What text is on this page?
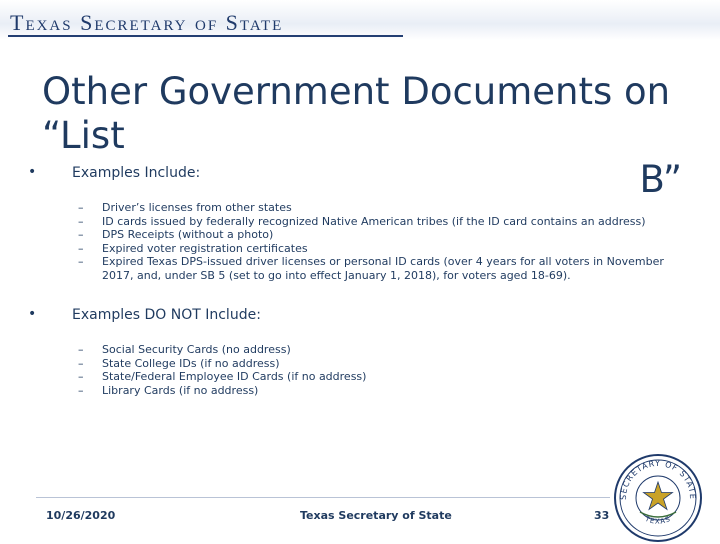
Texas Secretary of State
Other Government Documents on “List
B”
•	Examples Include:
– Driver’s licenses from other states
– ID cards issued by federally recognized Native American tribes (if the ID card contains an address)
– DPS Receipts (without a photo)
– Expired voter registration certificates
– Expired Texas DPS-issued driver licenses or personal ID cards (over 4 years for all voters in November 2017, and, under SB 5 (set to go into effect January 1, 2018), for voters aged 18-69).
•	Examples DO NOT Include:
– Social Security Cards (no address)
– State College IDs (if no address)
– State/Federal Employee ID Cards (if no address)
– Library Cards (if no address)
10/26/2020	Texas Secretary of State	33
SECRETARY OF STATE
TEXAS
